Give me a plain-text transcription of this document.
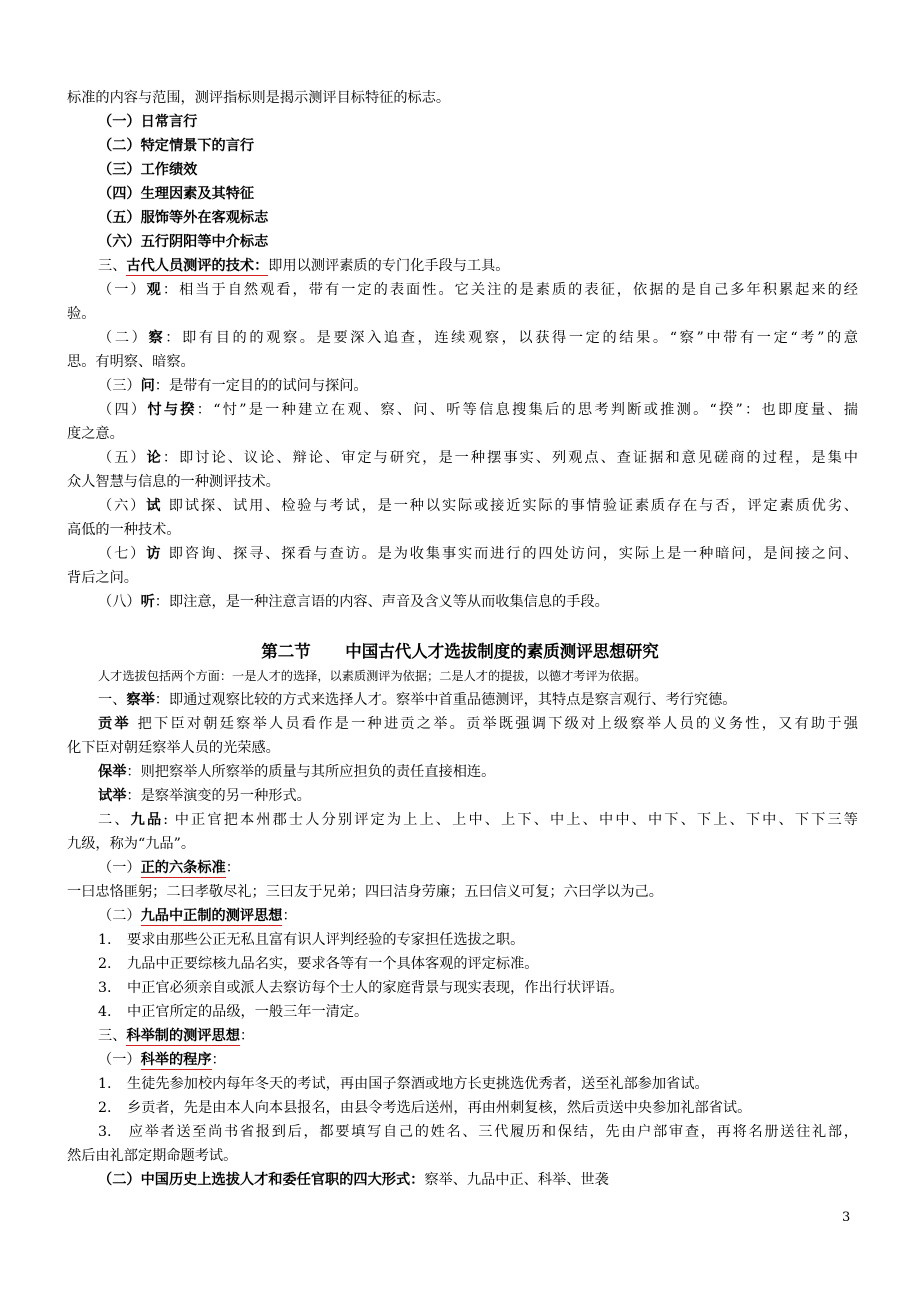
标准的内容与范围，测评指标则是揭示测评目标特征的标志。
（一）日常言行
（二）特定情景下的言行
（三）工作绩效
（四）生理因素及其特征
（五）服饰等外在客观标志
（六）五行阴阳等中介标志
三、古代人员测评的技术：即用以测评素质的专门化手段与工具。
（一）观：相当于自然观看，带有一定的表面性。它关注的是素质的表征，依据的是自己多年积累起来的经
验。
（二）察：即有目的的观察。是要深入追查，连续观察，以获得一定的结果。“察”中带有一定“考”的意
思。有明察、暗察。
（三）问：是带有一定目的的试问与探问。
（四）忖与揆：“忖”是一种建立在观、察、问、听等信息搜集后的思考判断或推测。“揆”：也即度量、揣
度之意。
（五）论：即讨论、议论、辩论、审定与研究，是一种摆事实、列观点、查证据和意见磋商的过程，是集中
众人智慧与信息的一种测评技术。
（六）试 即试探、试用、检验与考试，是一种以实际或接近实际的事情验证素质存在与否，评定素质优劣、
高低的一种技术。
（七）访 即咨询、探寻、探看与查访。是为收集事实而进行的四处访问，实际上是一种暗问，是间接之问、
背后之问。
（八）听：即注意，是一种注意言语的内容、声音及含义等从而收集信息的手段。
第二节      中国古代人才选拔制度的素质测评思想研究
人才选拔包括两个方面：一是人才的选择，以素质测评为依据；二是人才的提拔，以德才考评为依据。
一、察举：即通过观察比较的方式来选择人才。察举中首重品德测评，其特点是察言观行、考行究德。
贡举 把下臣对朝廷察举人员看作是一种进贡之举。贡举既强调下级对上级察举人员的义务性，又有助于强
化下臣对朝廷察举人员的光荣感。
保举：则把察举人所察举的质量与其所应担负的责任直接相连。
试举：是察举演变的另一种形式。
二、九品: 中正官把本州郡士人分别评定为上上、上中、上下、中上、中中、中下、下上、下中、下下三等
九级，称为“九品”。
（一）正的六条标准：
一曰忠恪匪躬；二曰孝敬尽礼；三曰友于兄弟；四曰洁身劳廉；五曰信义可复；六曰学以为己。
（二）九品中正制的测评思想：
1. 要求由那些公正无私且富有识人评判经验的专家担任选拔之职。
2. 九品中正要综核九品名实，要求各等有一个具体客观的评定标准。
3. 中正官必须亲自或派人去察访每个士人的家庭背景与现实表现，作出行状评语。
4. 中正官所定的品级，一般三年一清定。
三、科举制的测评思想：
（一）科举的程序：
1. 生徒先参加校内每年冬天的考试，再由国子祭酒或地方长吏挑选优秀者，送至礼部参加省试。
2. 乡贡者，先是由本人向本县报名，由县令考选后送州，再由州刺复核，然后贡送中央参加礼部省试。
3. 应举者送至尚书省报到后，都要填写自己的姓名、三代履历和保结，先由户部审查，再将名册送往礼部，
然后由礼部定期命题考试。
（二）中国历史上选拔人才和委任官职的四大形式：察举、九品中正、科举、世袭
3
